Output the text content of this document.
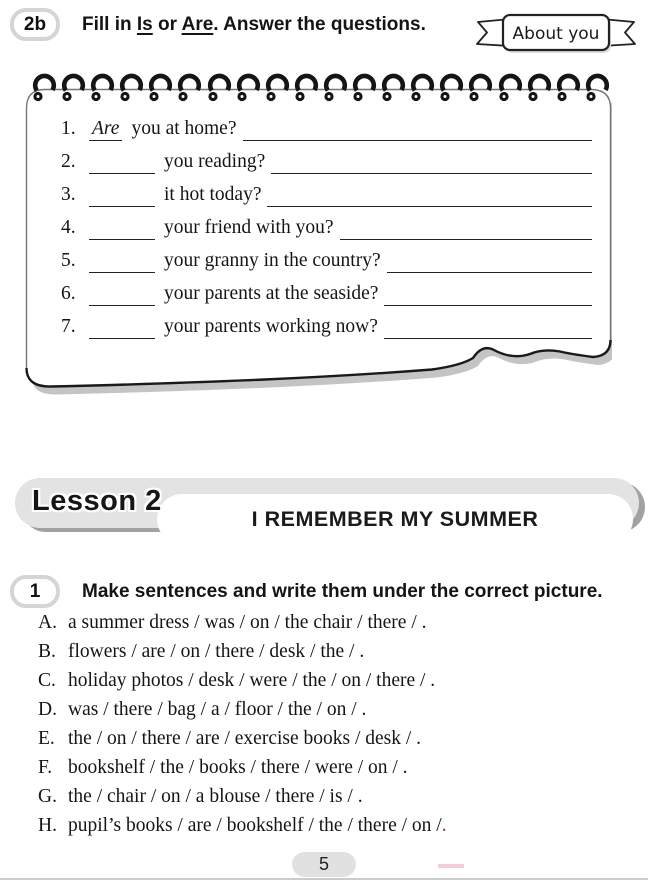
2b Fill in Is or Are. Answer the questions.	About you
1. Are you at home?

2.
	you reading?

3.
	it hot today?

4.
	your friend with you?

5.
	your granny in the country?

6.
	your parents at the seaside?

7.
	your parents working now?

Lesson 2
I REMEMBER MY SUMMER
1 Make sentences and write them under the correct picture.
A. a summer dress / was / on / the chair / there / .
B. flowers / are / on / there / desk / the / .
C. holiday photos / desk / were / the / on / there / .
D. was / there / bag / a / floor / the / on / .
E. the / on / there / are / exercise books / desk / .
F. bookshelf / the / books / there / were / on / .
G. the / chair / on / a blouse / there / is / .
H. pupil’s books / are / bookshelf / the / there / on / .
5
